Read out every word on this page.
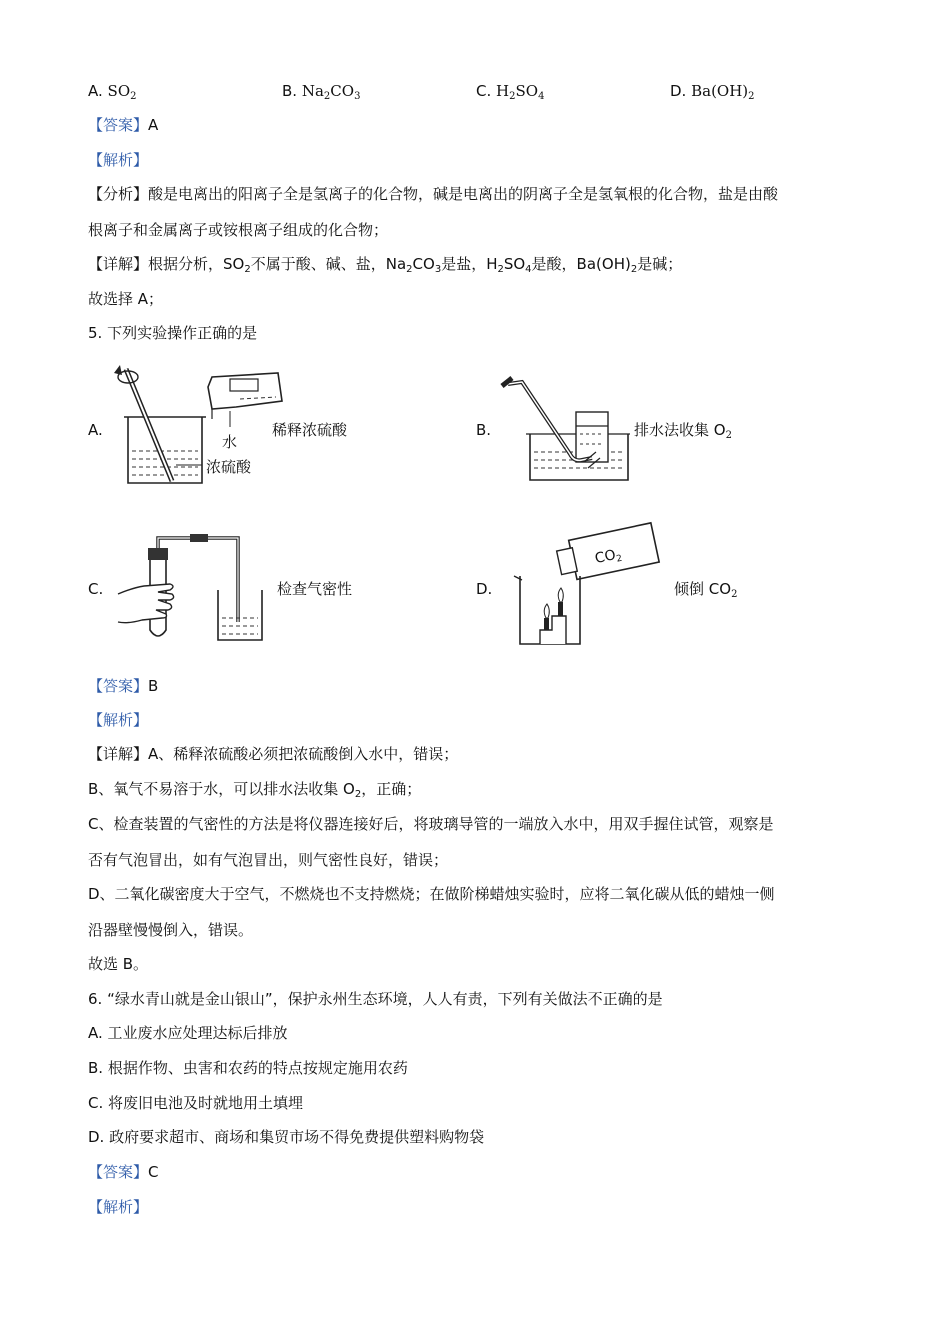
A. $SO_2$	B. $Na_2CO_3$	C. $H_2SO_4$	D. $Ba(OH)_2$
【答案】A
【解析】
【分析】酸是电离出的阳离子全是氢离子的化合物，碱是电离出的阴离子全是氢氧根的化合物，盐是由酸
根离子和金属离子或铵根离子组成的化合物；
【详解】根据分析，$SO_2$不属于酸、碱、盐，$Na_2CO_3$是盐，$H_2SO_4$是酸，$Ba(OH)_2$是碱；
故选择 A；
5. 下列实验操作正确的是
A.
水
浓硫酸
稀释浓硫酸	B.	排水法收集 $O_2$
C.	检查气密性	D.
$CO_2$
倾倒 $CO_2$
【答案】B
【解析】
【详解】A、稀释浓硫酸必须把浓硫酸倒入水中，错误；
B、氧气不易溶于水，可以排水法收集 $O_2$，正确；
C、检查装置的气密性的方法是将仪器连接好后，将玻璃导管的一端放入水中，用双手握住试管，观察是
否有气泡冒出，如有气泡冒出，则气密性良好，错误；
D、二氧化碳密度大于空气，不燃烧也不支持燃烧；在做阶梯蜡烛实验时，应将二氧化碳从低的蜡烛一侧
沿器壁慢慢倒入，错误。
故选 B。
6. “绿水青山就是金山银山”，保护永州生态环境，人人有责，下列有关做法不正确的是
A. 工业废水应处理达标后排放
B. 根据作物、虫害和农药的特点按规定施用农药
C. 将废旧电池及时就地用土填埋
D. 政府要求超市、商场和集贸市场不得免费提供塑料购物袋
【答案】C
【解析】
